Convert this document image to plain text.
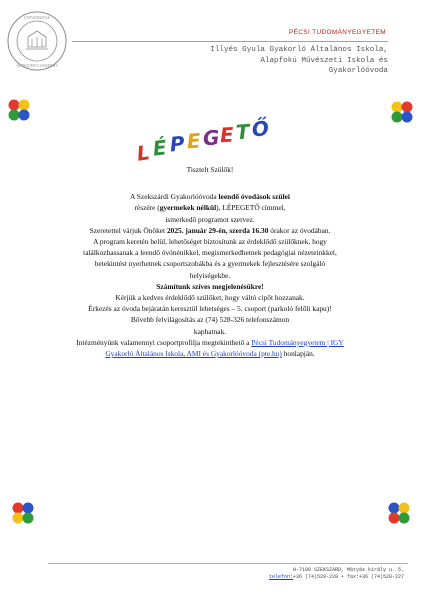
UNIVERSITAS
QUINQUEECCLESIENSIS
PÉCSI TUDOMÁNYEGYETEM
Illyés Gyula Gyakorló Általános Iskola,
Alapfokú Művészeti Iskola és
Gyakorlóóvoda
L É P E G E T Ő

Tisztelt Szülők!

A Szekszárdi Gyakorlóóvoda leendő óvodások szülei

részére (gyermekek nélkül), LÉPEGETŐ címmel,

ismerkedő programot szervez.

Szeretettel várjuk Önöket 2025. január 29-én, szerda 16.30 órakor az óvodában.

A program keretén belül, lehetőséget biztosítunk az érdeklődő szülőknek, hogy

találkozhassanak a leendő óvónénikkel, megismerkedhetnek pedagógiai nézeteinkkel,

betekintést nyerhetnek csoportszobákba és a gyermekek fejlesztésére szolgáló

helyiségekbe.

Számítunk szíves megjelenésükre!

Kérjük a kedves érdeklődő szülőket, hogy váltó cipőt hozzanak.

Érkezés az óvoda bejáratán keresztül lehetséges – 5. csoport (parkoló felőli kapu)!

Bővebb felvilágosítás az (74) 528-326 telefonszámon

kaphatnak.

Intézményünk valamennyi csoportprofilja megtekinthető a Pécsi Tudományegyetem | IGY

Gyakorló Általános Iskola, AMI és Gyakorlóóvoda (pte.hu) honlapján.

H-7100 SZEKSZÁRD, Mátyás király u. 5.
telefon:+36 (74)528-228 • fax:+36 (74)528-227
